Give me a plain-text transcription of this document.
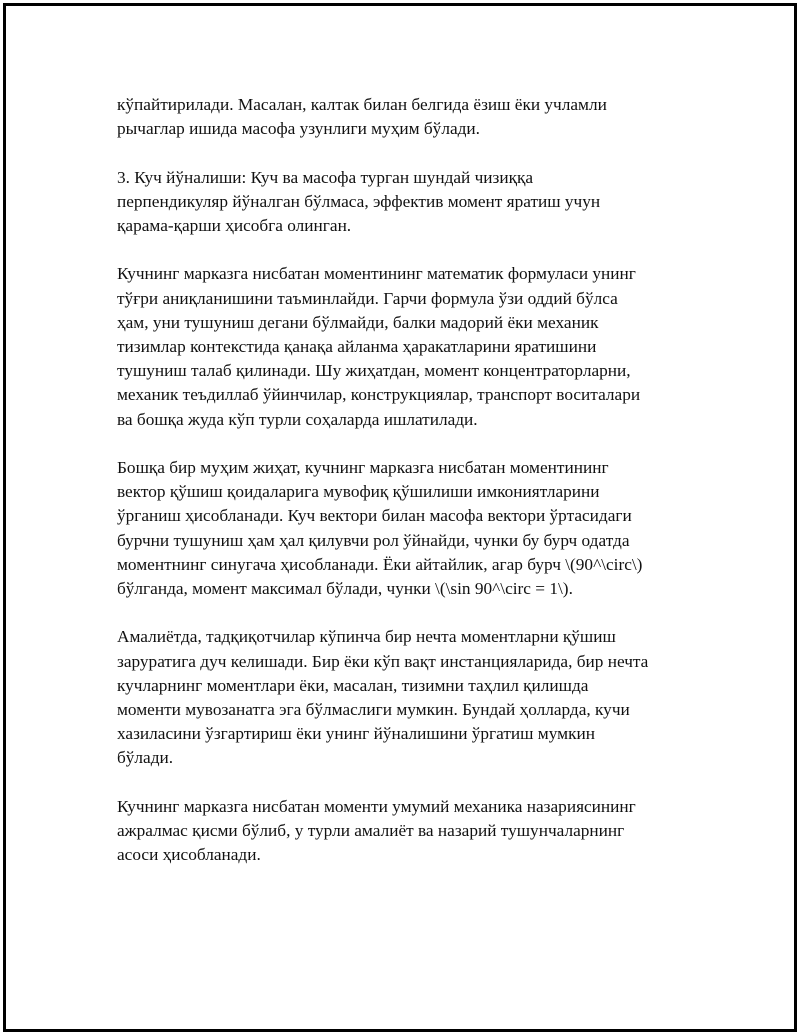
кўпайтирилади. Масалан, калтак билан белгида ёзиш ёки учламли
рычаглар ишида масофа узунлиги муҳим бўлади.

3. Куч йўналиши: Куч ва масофа турган шундай чизиққа
перпендикуляр йўналган бўлмаса, эффектив момент яратиш учун
қарама-қарши ҳисобга олинган.

Кучнинг марказга нисбатан моментининг математик формуласи унинг
тўғри аниқланишини таъминлайди. Гарчи формула ўзи оддий бўлса
ҳам, уни тушуниш дегани бўлмайди, балки мадорий ёки механик
тизимлар контекстида қанақа айланма ҳаракатларини яратишини
тушуниш талаб қилинади. Шу жиҳатдан, момент концентраторларни,
механик теъдиллаб ўйинчилар, конструкциялар, транспорт воситалари
ва бошқа жуда кўп турли соҳаларда ишлатилади.

Бошқа бир муҳим жиҳат, кучнинг марказга нисбатан моментининг
вектор қўшиш қоидаларига мувофиқ қўшилиши имкониятларини
ўрганиш ҳисобланади. Куч вектори билан масофа вектори ўртасидаги
бурчни тушуниш ҳам ҳал қилувчи рол ўйнайди, чунки бу бурч одатда
моментнинг синугача ҳисобланади. Ёки айтайлик, агар бурч \(90^\circ\)
бўлганда, момент максимал бўлади, чунки \(\sin 90^\circ = 1\).

Амалиётда, тадқиқотчилар кўпинча бир нечта моментларни қўшиш
заруратига дуч келишади. Бир ёки кўп вақт инстанцияларида, бир нечта
кучларнинг моментлари ёки, масалан, тизимни таҳлил қилишда
моменти мувозанатга эга бўлмаслиги мумкин. Бундай ҳолларда, кучи
хазиласини ўзгартириш ёки унинг йўналишини ўргатиш мумкин
бўлади.

Кучнинг марказга нисбатан моменти умумий механика назариясининг
ажралмас қисми бўлиб, у турли амалиёт ва назарий тушунчаларнинг
асоси ҳисобланади.
